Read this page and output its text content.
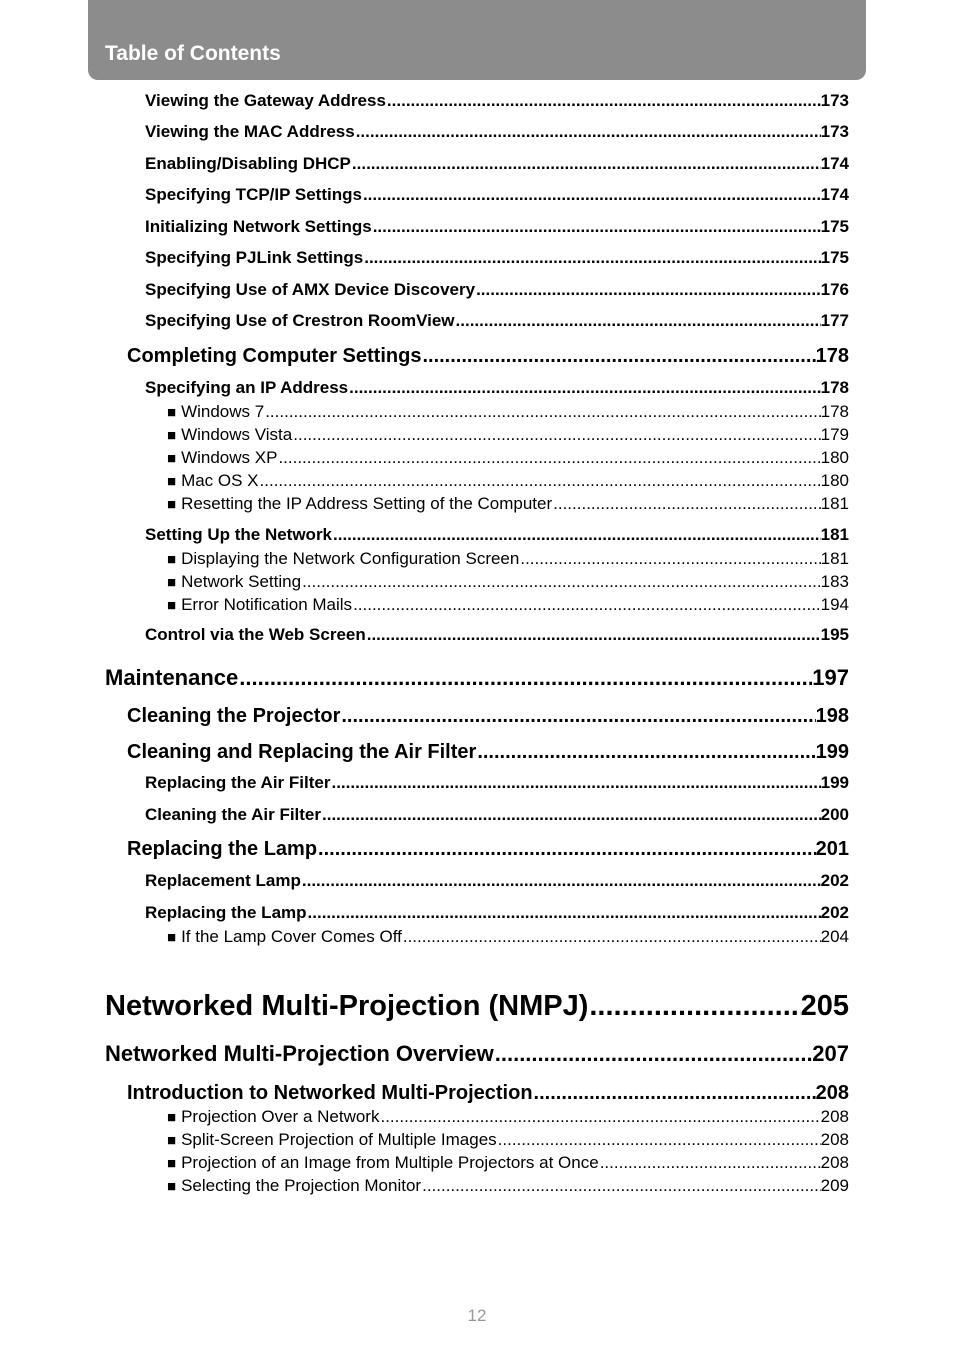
Table of Contents
Viewing the Gateway Address .....	173
Viewing the MAC Address .....	173
Enabling/Disabling DHCP .....	174
Specifying TCP/IP Settings .....	174
Initializing Network Settings .....	175
Specifying PJLink Settings .....	175
Specifying Use of AMX Device Discovery .....	176
Specifying Use of Crestron RoomView .....	177
Completing Computer Settings .....	178
Specifying an IP Address .....	178
■ Windows 7 .....	178
■ Windows Vista .....	179
■ Windows XP .....	180
■ Mac OS X .....	180
■ Resetting the IP Address Setting of the Computer .....	181
Setting Up the Network .....	181
■ Displaying the Network Configuration Screen .....	181
■ Network Setting .....	183
■ Error Notification Mails .....	194
Control via the Web Screen .....	195
Maintenance .....	197
Cleaning the Projector .....	198
Cleaning and Replacing the Air Filter .....	199
Replacing the Air Filter .....	199
Cleaning the Air Filter .....	200
Replacing the Lamp .....	201
Replacement Lamp .....	202
Replacing the Lamp .....	202
■ If the Lamp Cover Comes Off .....	204
Networked Multi-Projection (NMPJ) .....	205
Networked Multi-Projection Overview .....	207
Introduction to Networked Multi-Projection .....	208
■ Projection Over a Network .....	208
■ Split-Screen Projection of Multiple Images .....	208
■ Projection of an Image from Multiple Projectors at Once .....	208
■ Selecting the Projection Monitor .....	209
12
